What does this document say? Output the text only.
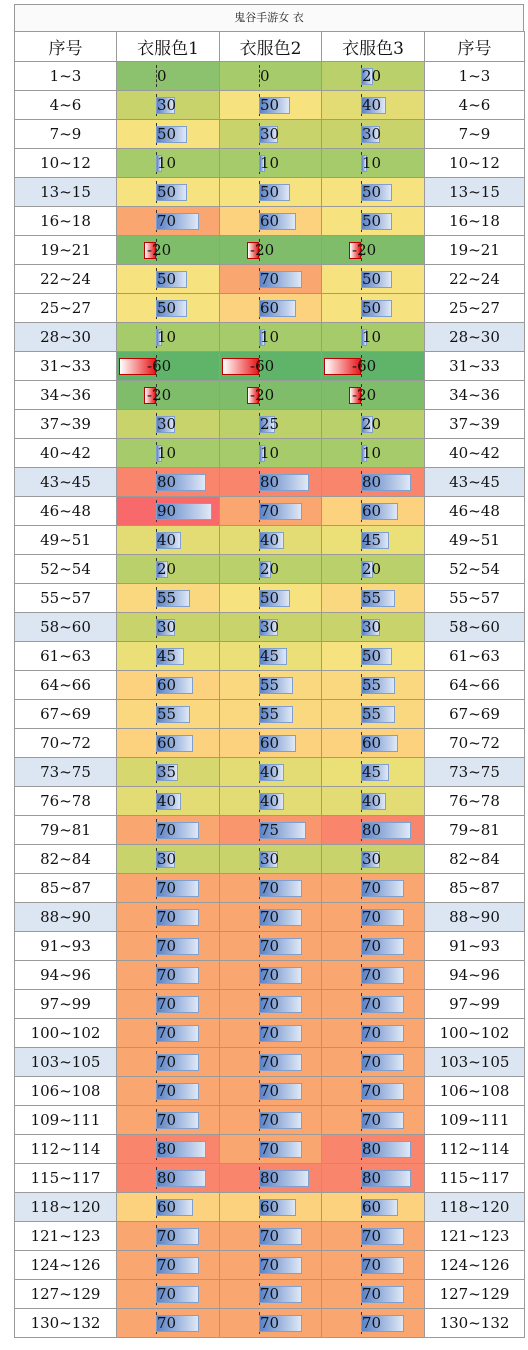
鬼谷手游女 衣
序号	衣服色1	衣服色2	衣服色3	序号
1~3	0	0	20	1~3
4~6	30	50	40	4~6
7~9	50	30	30	7~9
10~12	10	10	10	10~12
13~15	50	50	50	13~15
16~18	70	60	50	16~18
19~21	-20	-20	-20	19~21
22~24	50	70	50	22~24
25~27	50	60	50	25~27
28~30	10	10	10	28~30
31~33	-60	-60	-60	31~33
34~36	-20	-20	-20	34~36
37~39	30	25	20	37~39
40~42	10	10	10	40~42
43~45	80	80	80	43~45
46~48	90	70	60	46~48
49~51	40	40	45	49~51
52~54	20	20	20	52~54
55~57	55	50	55	55~57
58~60	30	30	30	58~60
61~63	45	45	50	61~63
64~66	60	55	55	64~66
67~69	55	55	55	67~69
70~72	60	60	60	70~72
73~75	35	40	45	73~75
76~78	40	40	40	76~78
79~81	70	75	80	79~81
82~84	30	30	30	82~84
85~87	70	70	70	85~87
88~90	70	70	70	88~90
91~93	70	70	70	91~93
94~96	70	70	70	94~96
97~99	70	70	70	97~99
100~102	70	70	70	100~102
103~105	70	70	70	103~105
106~108	70	70	70	106~108
109~111	70	70	70	109~111
112~114	80	70	80	112~114
115~117	80	80	80	115~117
118~120	60	60	60	118~120
121~123	70	70	70	121~123
124~126	70	70	70	124~126
127~129	70	70	70	127~129
130~132	70	70	70	130~132
